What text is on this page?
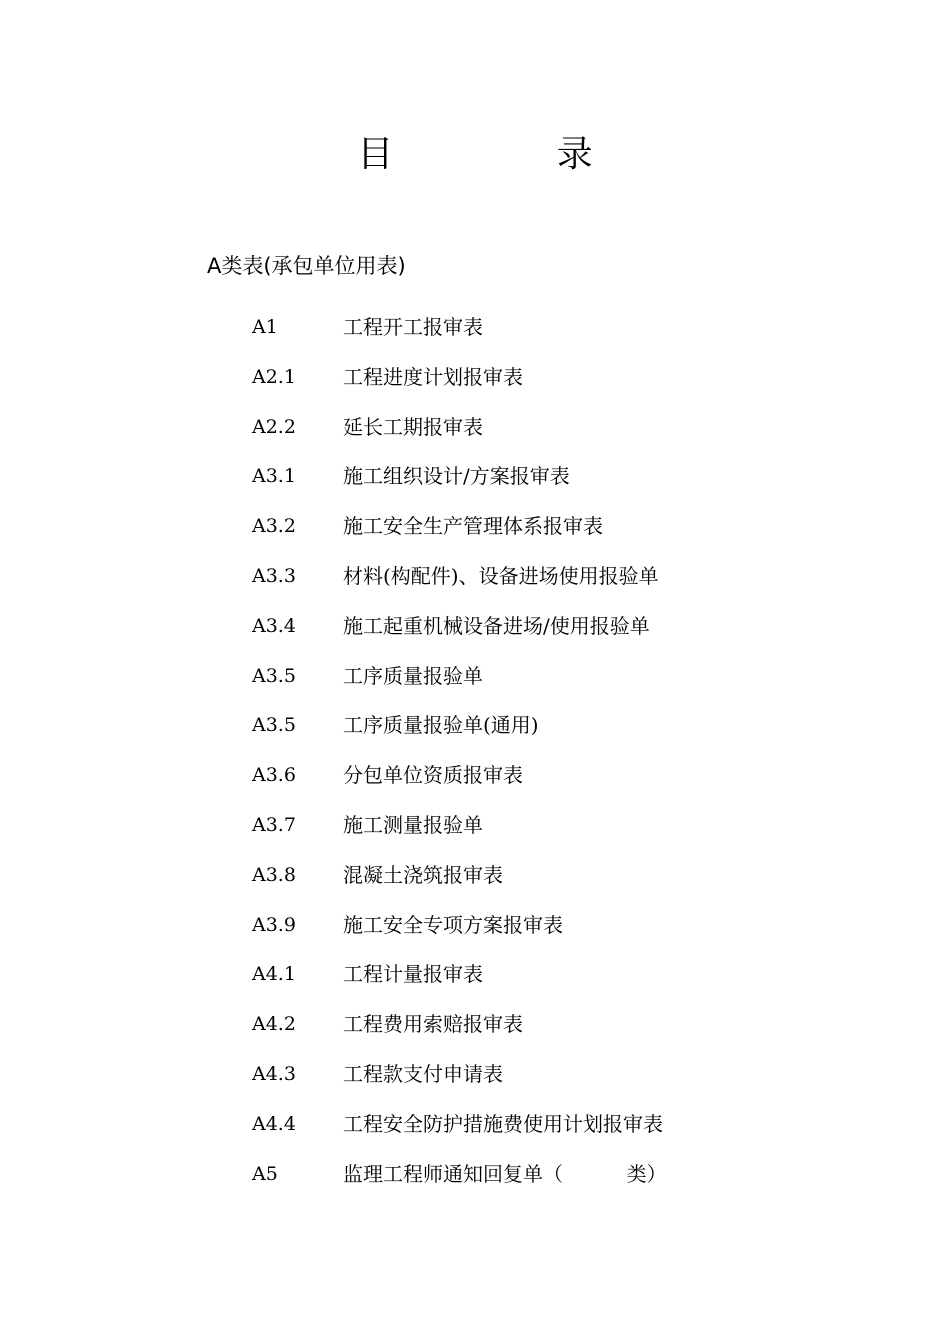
目 录
A类表(承包单位用表)
A1	工程开工报审表
A2.1	工程进度计划报审表
A2.2	延长工期报审表
A3.1	施工组织设计/方案报审表
A3.2	施工安全生产管理体系报审表
A3.3	材料(构配件)、设备进场使用报验单
A3.4	施工起重机械设备进场/使用报验单
A3.5	工序质量报验单
A3.5	工序质量报验单(通用)
A3.6	分包单位资质报审表
A3.7	施工测量报验单
A3.8	混凝土浇筑报审表
A3.9	施工安全专项方案报审表
A4.1	工程计量报审表
A4.2	工程费用索赔报审表
A4.3	工程款支付申请表
A4.4	工程安全防护措施费使用计划报审表
A5	监理工程师通知回复单（          类）
